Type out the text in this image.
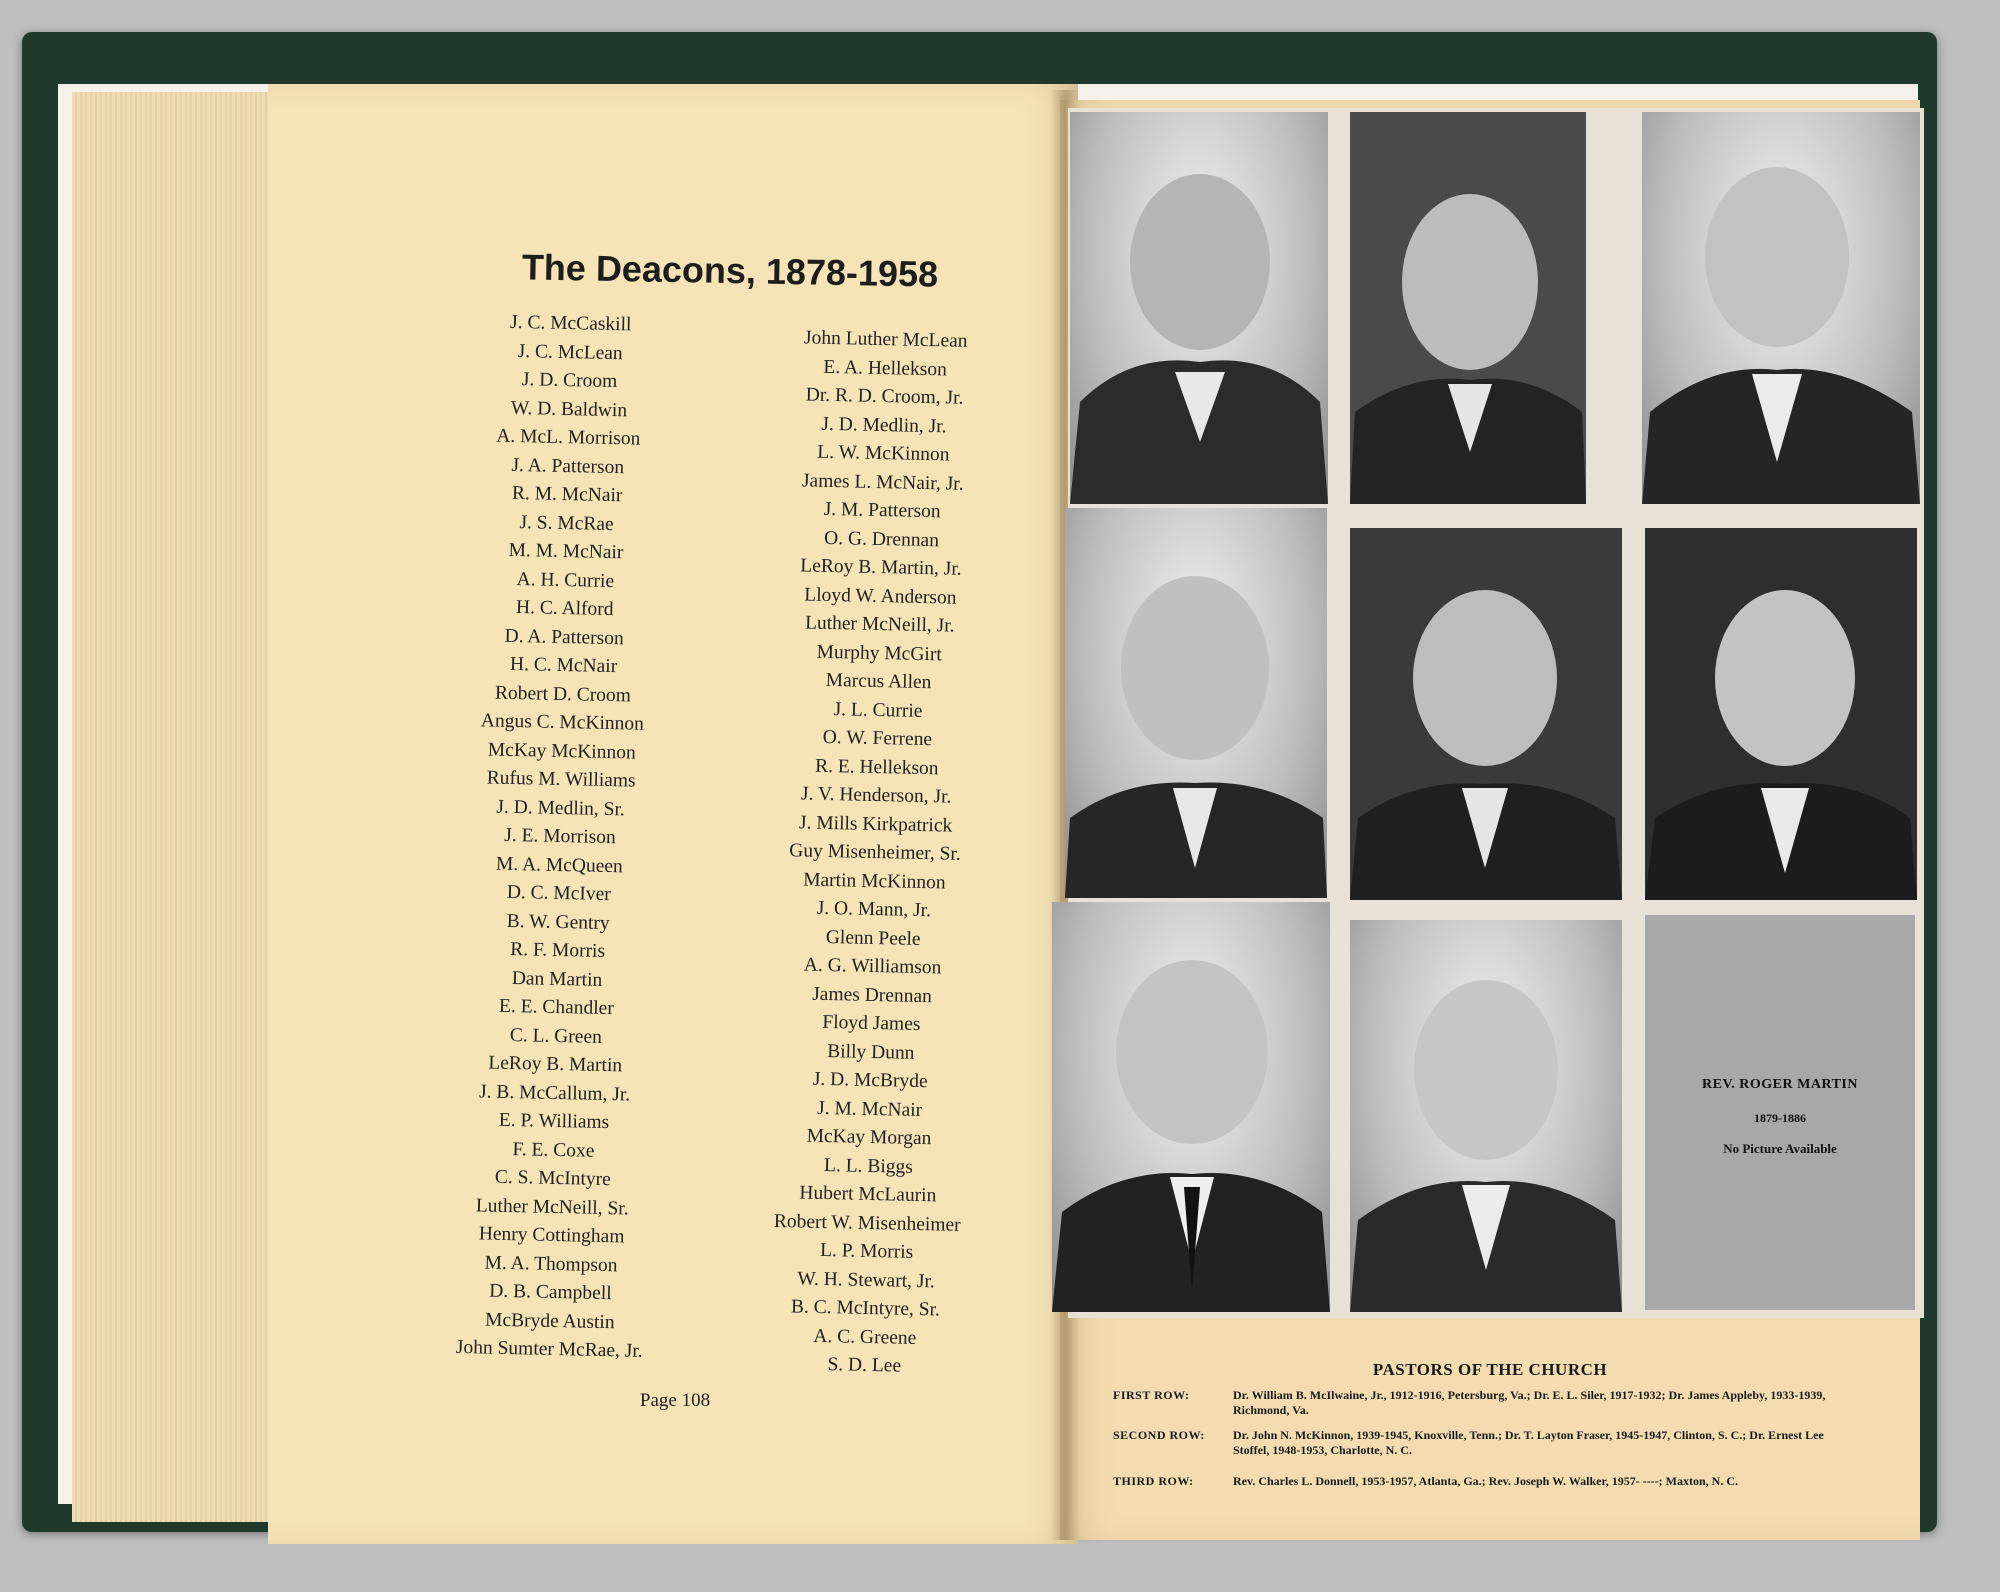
The Deacons, 1878-1958
J. C. McCaskill
J. C. McLean
J. D. Croom
W. D. Baldwin
A. McL. Morrison
J. A. Patterson
R. M. McNair
J. S. McRae
M. M. McNair
A. H. Currie
H. C. Alford
D. A. Patterson
H. C. McNair
Robert D. Croom
Angus C. McKinnon
McKay McKinnon
Rufus M. Williams
J. D. Medlin, Sr.
J. E. Morrison
M. A. McQueen
D. C. McIver
B. W. Gentry
R. F. Morris
Dan Martin
E. E. Chandler
C. L. Green
LeRoy B. Martin
J. B. McCallum, Jr.
E. P. Williams
F. E. Coxe
C. S. McIntyre
Luther McNeill, Sr.
Henry Cottingham
M. A. Thompson
D. B. Campbell
McBryde Austin
John Sumter McRae, Jr.
John Luther McLean
E. A. Hellekson
Dr. R. D. Croom, Jr.
J. D. Medlin, Jr.
L. W. McKinnon
James L. McNair, Jr.
J. M. Patterson
O. G. Drennan
LeRoy B. Martin, Jr.
Lloyd W. Anderson
Luther McNeill, Jr.
Murphy McGirt
Marcus Allen
J. L. Currie
O. W. Ferrene
R. E. Hellekson
J. V. Henderson, Jr.
J. Mills Kirkpatrick
Guy Misenheimer, Sr.
Martin McKinnon
J. O. Mann, Jr.
Glenn Peele
A. G. Williamson
James Drennan
Floyd James
Billy Dunn
J. D. McBryde
J. M. McNair
McKay Morgan
L. L. Biggs
Hubert McLaurin
Robert W. Misenheimer
L. P. Morris
W. H. Stewart, Jr.
B. C. McIntyre, Sr.
A. C. Greene
S. D. Lee
Page 108
REV. ROGER MARTIN
1879-1886
No Picture Available
PASTORS OF THE CHURCH
FIRST ROW:	Dr. William B. McIlwaine, Jr., 1912-1916, Petersburg, Va.; Dr. E. L. Siler, 1917-1932; Dr. James Appleby, 1933-1939, Richmond, Va.
SECOND ROW:	Dr. John N. McKinnon, 1939-1945, Knoxville, Tenn.; Dr. T. Layton Fraser, 1945-1947, Clinton, S. C.; Dr. Ernest Lee Stoffel, 1948-1953, Charlotte, N. C.
THIRD ROW:	Rev. Charles L. Donnell, 1953-1957, Atlanta, Ga.; Rev. Joseph W. Walker, 1957- ----; Maxton, N. C.
